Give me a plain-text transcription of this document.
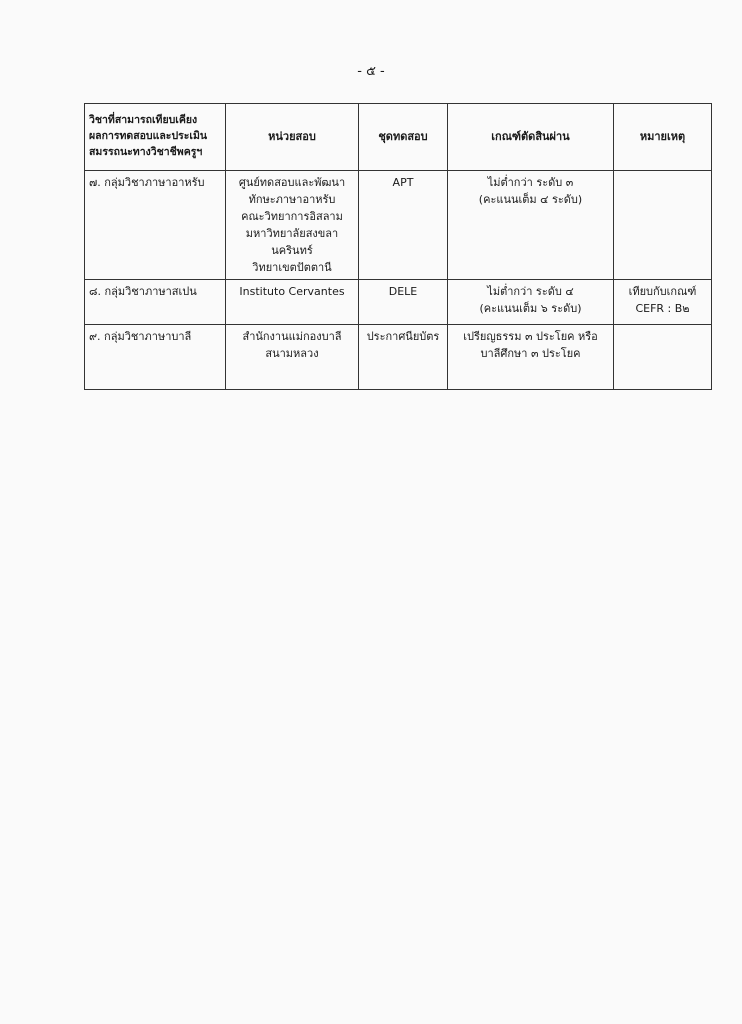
- ๕ -
วิชาที่สามารถเทียบเคียง
ผลการทดสอบและประเมิน
สมรรถนะทางวิชาชีพครูฯ	หน่วยสอบ	ชุดทดสอบ	เกณฑ์ตัดสินผ่าน	หมายเหตุ
๗. กลุ่มวิชาภาษาอาหรับ	ศูนย์ทดสอบและพัฒนา
ทักษะภาษาอาหรับ
คณะวิทยาการอิสลาม
มหาวิทยาลัยสงขลานครินทร์
วิทยาเขตปัตตานี	APT	ไม่ต่ำกว่า ระดับ ๓
(คะแนนเต็ม ๔ ระดับ)	

๘. กลุ่มวิชาภาษาสเปน	Instituto Cervantes	DELE	ไม่ต่ำกว่า ระดับ ๔
(คะแนนเต็ม ๖ ระดับ)	เทียบกับเกณฑ์
CEFR : B๒

๙. กลุ่มวิชาภาษาบาลี	สำนักงานแม่กองบาลี
สนามหลวง	ประกาศนียบัตร	เปรียญธรรม ๓ ประโยค หรือ
บาลีศึกษา ๓ ประโยค	
